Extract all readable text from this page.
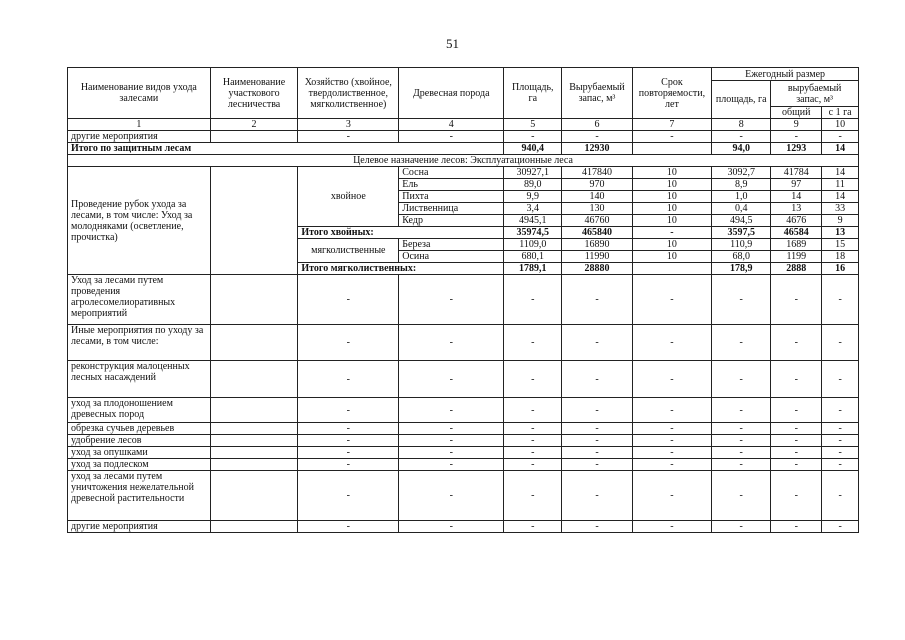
51
Наименование видов ухода залесами	Наименование участкового лесничества	Хозяйство (хвойное, твердолиственное, мягколиственное)	Древесная порода	Площадь, га	Вырубаемый запас, м³	Срок повторяемости, лет	Ежегодный размер		
							площадь, га	вырубаемый запас, м³	
								общий	с 1 га
1	2	3	4	5	6	7	8	9	10
другие мероприятия		-	-	-	-	-	-	-	-
Итого по защитным лесам				940,4	12930		94,0	1293	14
Целевое назначение лесов: Эксплуатационные леса									
Проведение рубок ухода за лесами, в том числе: Уход за молодняками (осветление, прочистка)		хвойное	Сосна	30927,1	417840	10	3092,7	41784	14
			Ель	89,0	970	10	8,9	97	11
			Пихта	9,9	140	10	1,0	14	14
			Лиственница	3,4	130	10	0,4	13	33
			Кедр	4945,1	46760	10	494,5	4676	9
		Итого хвойных:		35974,5	465840	-	3597,5	46584	13
		мягколиственные	Береза	1109,0	16890	10	110,9	1689	15
			Осина	680,1	11990	10	68,0	1199	18
		Итого мягколиственных:		1789,1	28880		178,9	2888	16
Уход за лесами путем проведения агролесомелиоративных мероприятий		-	-	-	-	-	-	-	-
Иные мероприятия по уходу за лесами, в том числе:		-	-	-	-	-	-	-	-
реконструкция малоценных лесных насаждений		-	-	-	-	-	-	-	-
уход за плодоношением древесных пород		-	-	-	-	-	-	-	-
обрезка сучьев деревьев		-	-	-	-	-	-	-	-
удобрение лесов		-	-	-	-	-	-	-	-
уход за опушками		-	-	-	-	-	-	-	-
уход за подлеском		-	-	-	-	-	-	-	-
уход за лесами путем уничтожения нежелательной древесной растительности		-	-	-	-	-	-	-	-
другие мероприятия		-	-	-	-	-	-	-	-
